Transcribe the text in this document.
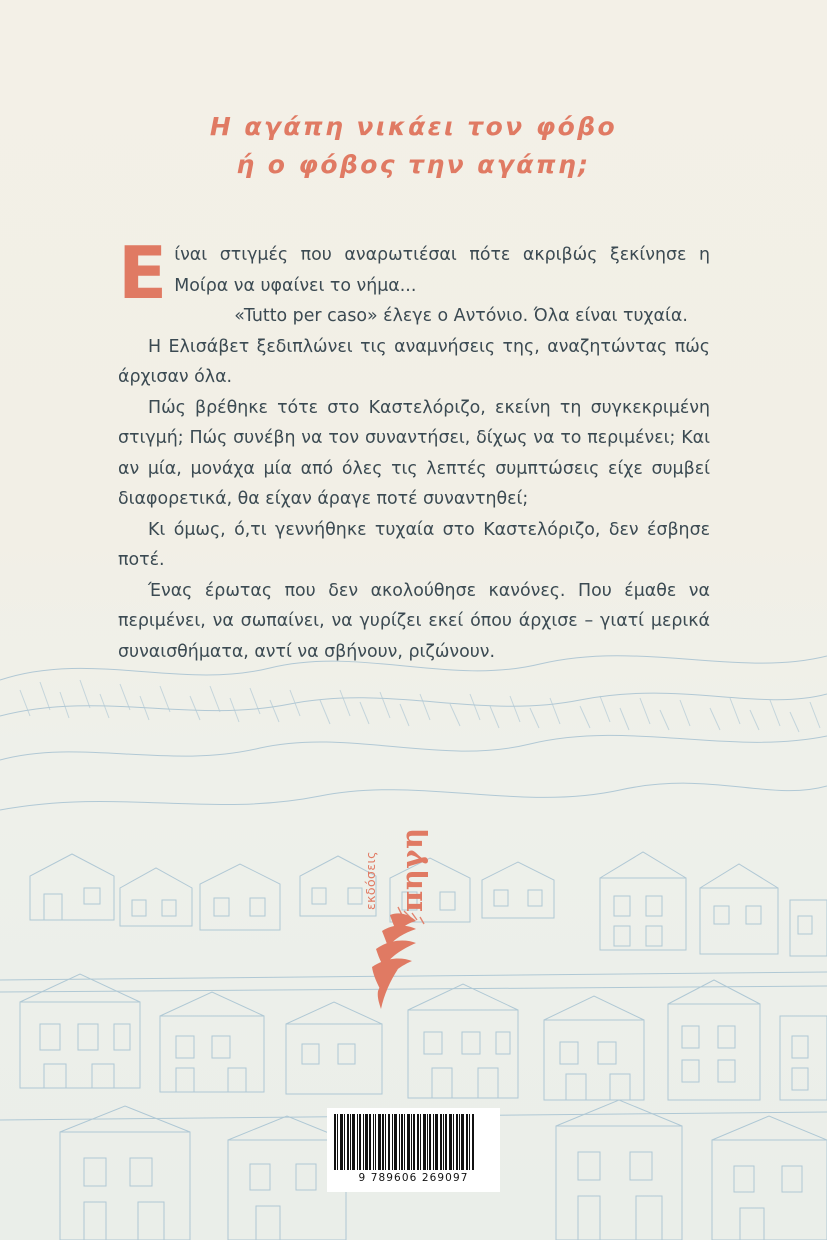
Η αγάπη νικάει τον φόβο
ή ο φόβος την αγάπη;
Ε ίναι στιγμές που αναρωτιέσαι πότε ακριβώς ξεκίνησε η Μοίρα να υφαίνει το νήμα...

«Tutto per caso» έλεγε ο Αντόνιο. Όλα είναι τυχαία.

Η Ελισάβετ ξεδιπλώνει τις αναμνήσεις της, αναζητώντας πώς άρχισαν όλα.

Πώς βρέθηκε τότε στο Καστελόριζο, εκείνη τη συγκεκριμένη στιγμή; Πώς συνέβη να τον συναντήσει, δίχως να το περιμένει; Και αν μία, μονάχα μία από όλες τις λεπτές συμπτώσεις είχε συμβεί διαφορετικά, θα είχαν άραγε ποτέ συναντηθεί;

Κι όμως, ό,τι γεννήθηκε τυχαία στο Καστελόριζο, δεν έσβησε ποτέ.

Ένας έρωτας που δεν ακολούθησε κανόνες. Που έμαθε να περιμένει, να σωπαίνει, να γυρίζει εκεί όπου άρχισε – γιατί μερικά συναισθήματα, αντί να σβήνουν, ριζώνουν.

πηγη
εκδόσεις
9 789606 269097
